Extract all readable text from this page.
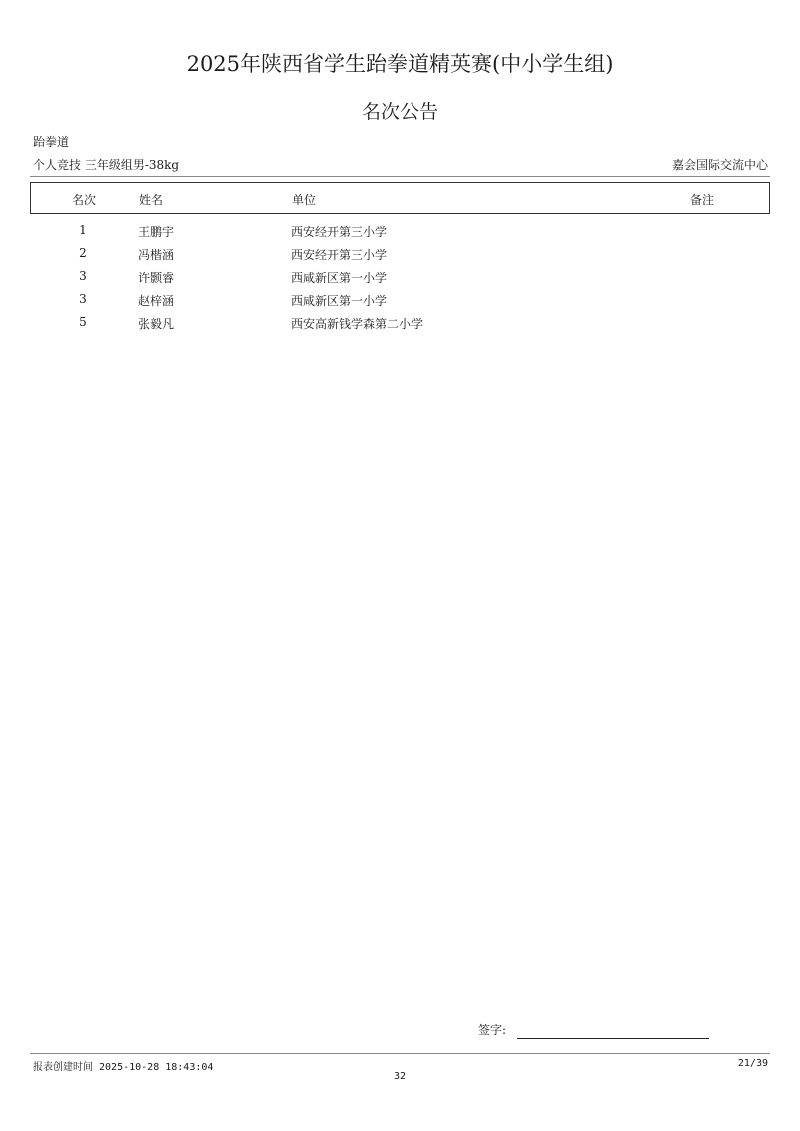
2025年陕西省学生跆拳道精英赛(中小学生组)
名次公告
跆拳道
个人竞技 三年级组男-38kg	嘉会国际交流中心
名次	姓名	单位	备注
1	王鹏宇	西安经开第三小学
2	冯楷涵	西安经开第三小学
3	许颢睿	西咸新区第一小学
3	赵梓涵	西咸新区第一小学
5	张毅凡	西安高新钱学森第二小学
签字:
报表创建时间 2025-10-28 18:43:04	21/39
32
